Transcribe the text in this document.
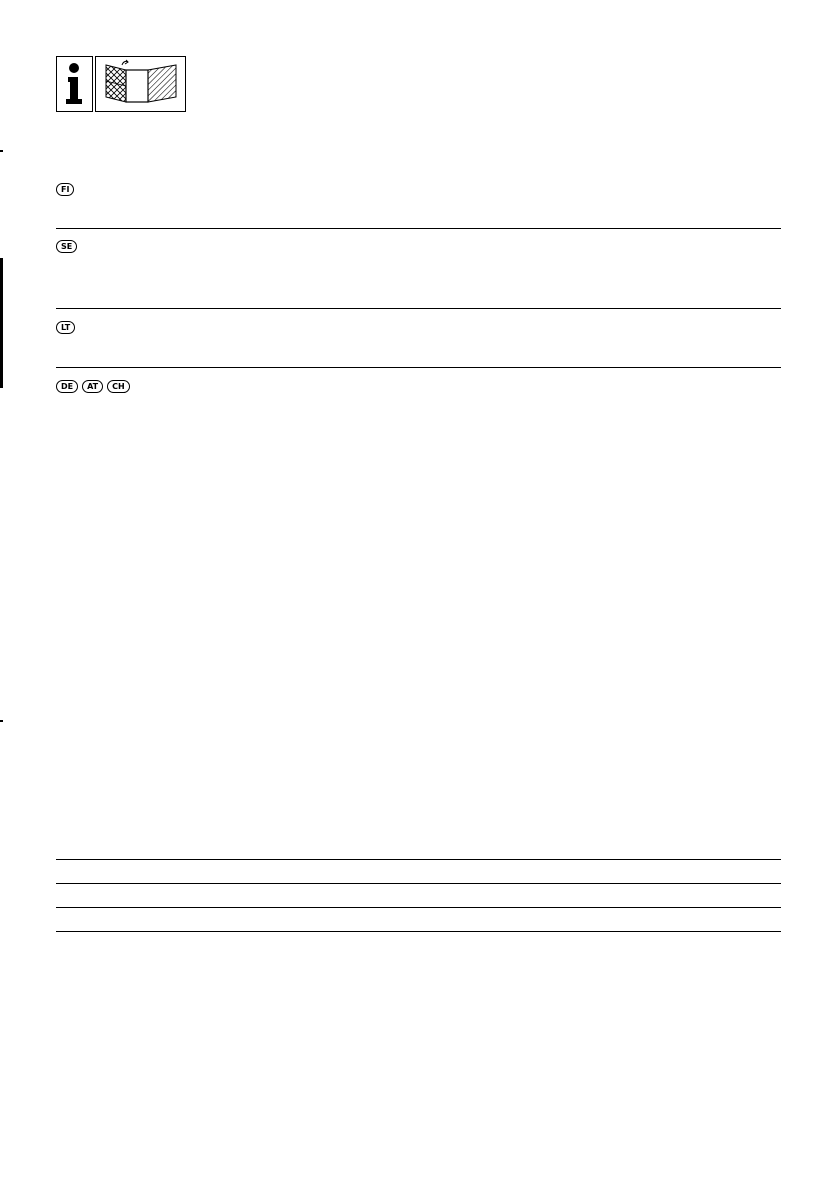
FI
SE
LT
DE	AT	CH
